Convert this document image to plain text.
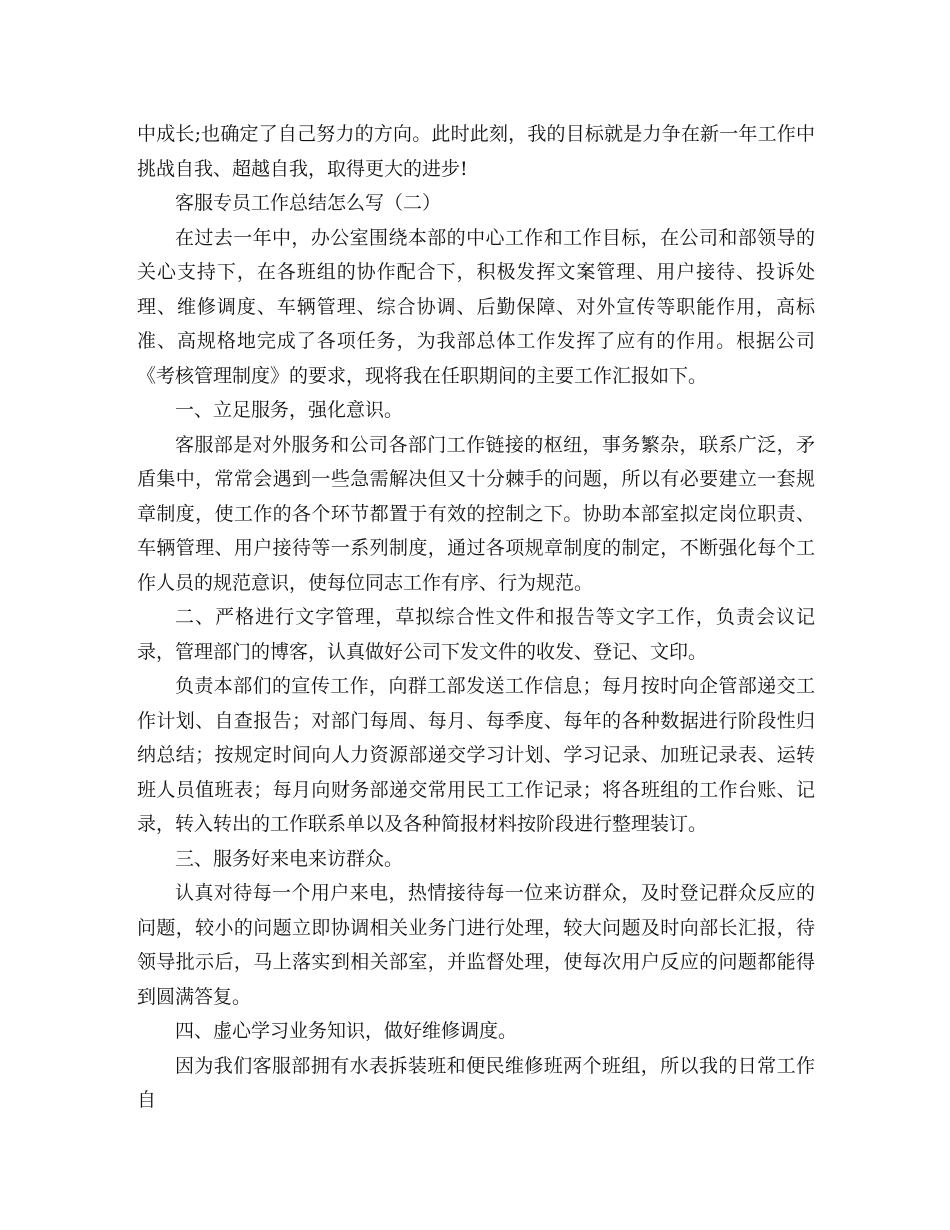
中成长;也确定了自己努力的方向。此时此刻，我的目标就是力争在新一年工作中挑战自我、超越自我，取得更大的进步!

客服专员工作总结怎么写（二）

在过去一年中，办公室围绕本部的中心工作和工作目标，在公司和部领导的关心支持下，在各班组的协作配合下，积极发挥文案管理、用户接待、投诉处理、维修调度、车辆管理、综合协调、后勤保障、对外宣传等职能作用，高标准、高规格地完成了各项任务，为我部总体工作发挥了应有的作用。根据公司《考核管理制度》的要求，现将我在任职期间的主要工作汇报如下。

一、立足服务，强化意识。

客服部是对外服务和公司各部门工作链接的枢纽，事务繁杂，联系广泛，矛盾集中，常常会遇到一些急需解决但又十分棘手的问题，所以有必要建立一套规章制度，使工作的各个环节都置于有效的控制之下。协助本部室拟定岗位职责、车辆管理、用户接待等一系列制度，通过各项规章制度的制定，不断强化每个工作人员的规范意识，使每位同志工作有序、行为规范。

二、严格进行文字管理，草拟综合性文件和报告等文字工作，负责会议记录，管理部门的博客，认真做好公司下发文件的收发、登记、文印。

负责本部们的宣传工作，向群工部发送工作信息；每月按时向企管部递交工作计划、自查报告；对部门每周、每月、每季度、每年的各种数据进行阶段性归纳总结；按规定时间向人力资源部递交学习计划、学习记录、加班记录表、运转班人员值班表；每月向财务部递交常用民工工作记录；将各班组的工作台账、记录，转入转出的工作联系单以及各种简报材料按阶段进行整理装订。

三、服务好来电来访群众。

认真对待每一个用户来电，热情接待每一位来访群众，及时登记群众反应的问题，较小的问题立即协调相关业务门进行处理，较大问题及时向部长汇报，待领导批示后，马上落实到相关部室，并监督处理，使每次用户反应的问题都能得到圆满答复。

四、虚心学习业务知识，做好维修调度。

因为我们客服部拥有水表拆装班和便民维修班两个班组，所以我的日常工作自
